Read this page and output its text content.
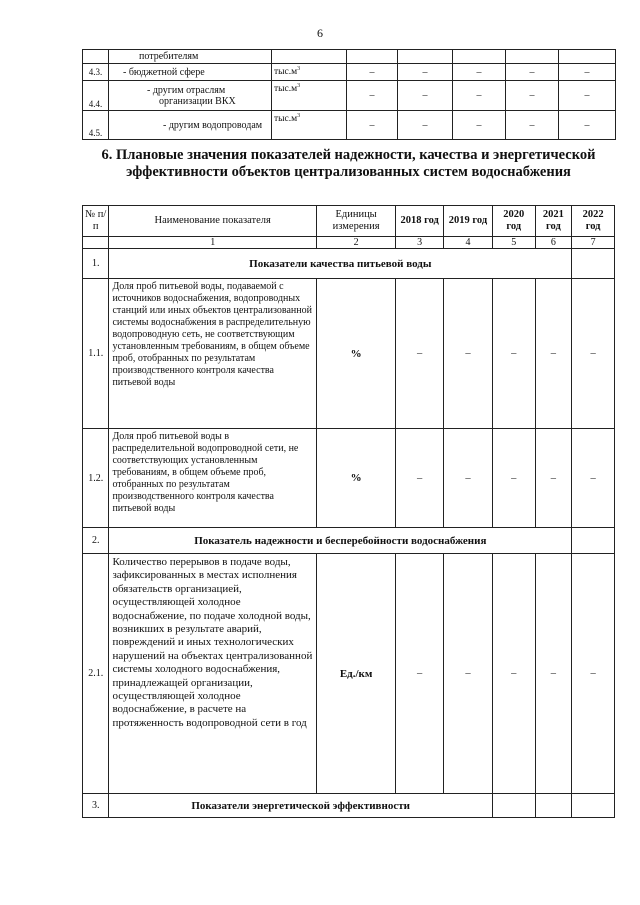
6
	потребителям						
4.3.	- бюджетной сфере	$тыс.м^3$	–	–	–	–	–
4.4.	- другим отраслям организации ВКХ	$тыс.м^3$	–	–	–	–	–
4.5.	- другим водопроводам	$тыс.м^3$	–	–	–	–	–
6. Плановые значения показателей надежности, качества и энергетической эффективности объектов централизованных систем водоснабжения
№ п/п	Наименование показателя	Единицы измерения	2018 год	2019 год	2020 год	2021 год	2022 год
	1	2	3	4	5	6	7
1.	Показатели качества питьевой воды						
1.1.	Доля проб питьевой воды, подаваемой с источников водоснабжения, водопроводных станций или иных объектов централизованной системы водоснабжения в распределительную водопроводную сеть, не соответствующим установленным требованиям, в общем объеме проб, отобранных по результатам производственного контроля качества питьевой воды	%	–	–	–	–	–
1.2.	Доля проб питьевой воды в распределительной водопроводной сети, не соответствующих установленным требованиям, в общем объеме проб, отобранных по результатам производственного контроля качества питьевой воды	%	–	–	–	–	–
2.	Показатель надежности и бесперебойности водоснабжения						
2.1.	Количество перерывов в подаче воды, зафиксированных в местах исполнения обязательств организацией, осуществляющей холодное водоснабжение, по подаче холодной воды, возникших в результате аварий, повреждений и иных технологических нарушений на объектах централизованной системы холодного водоснабжения, принадлежащей организации, осуществляющей холодное водоснабжение, в расчете на протяженность водопроводной сети в год	Ед./км	–	–	–	–	–
3.	Показатели энергетической эффективности						
